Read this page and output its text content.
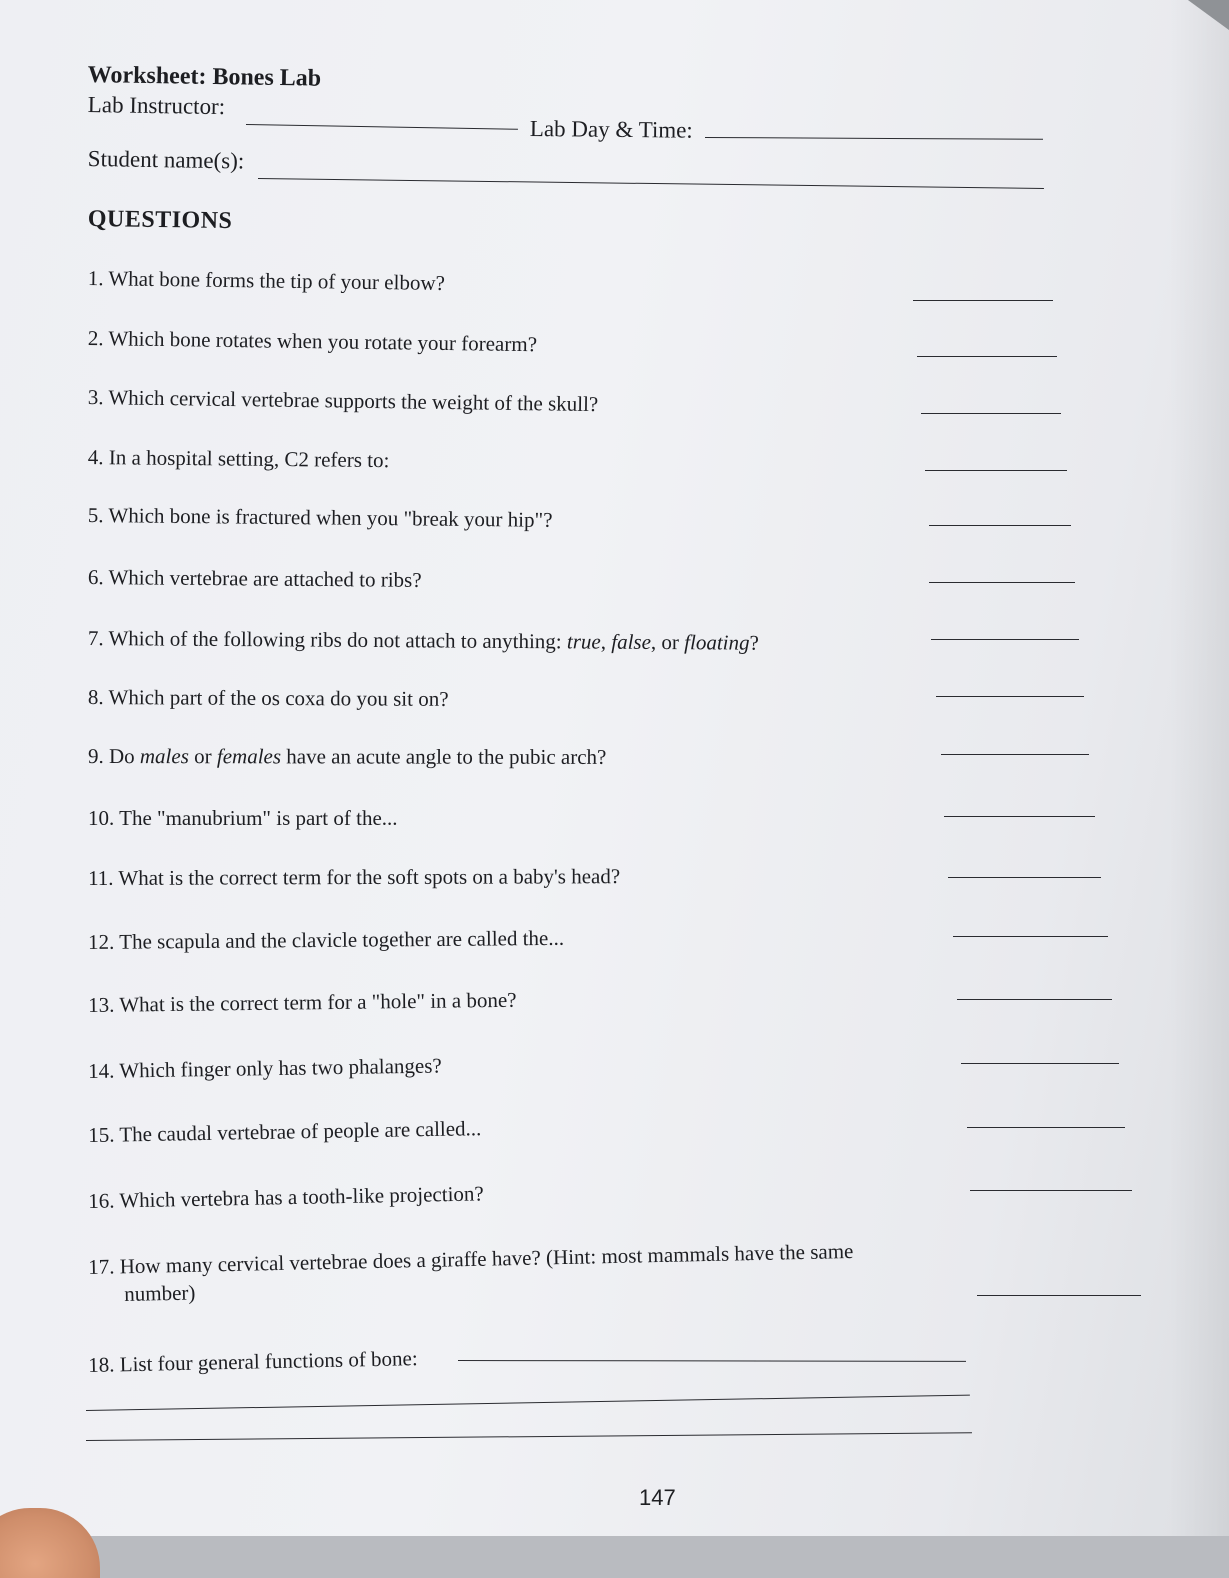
Worksheet: Bones Lab
Lab Instructor:
Lab Day & Time:
Student name(s):
QUESTIONS
1. What bone forms the tip of your elbow?
2. Which bone rotates when you rotate your forearm?
3. Which cervical vertebrae supports the weight of the skull?
4. In a hospital setting, C2 refers to:
5. Which bone is fractured when you "break your hip"?
6. Which vertebrae are attached to ribs?
7. Which of the following ribs do not attach to anything: true, false, or floating?
8. Which part of the os coxa do you sit on?
9. Do males or females have an acute angle to the pubic arch?
10. The "manubrium" is part of the...
11. What is the correct term for the soft spots on a baby's head?
12. The scapula and the clavicle together are called the...
13. What is the correct term for a "hole" in a bone?
14. Which finger only has two phalanges?
15. The caudal vertebrae of people are called...
16. Which vertebra has a tooth-like projection?
17. How many cervical vertebrae does a giraffe have? (Hint: most mammals have the same
number)
18. List four general functions of bone:
147
